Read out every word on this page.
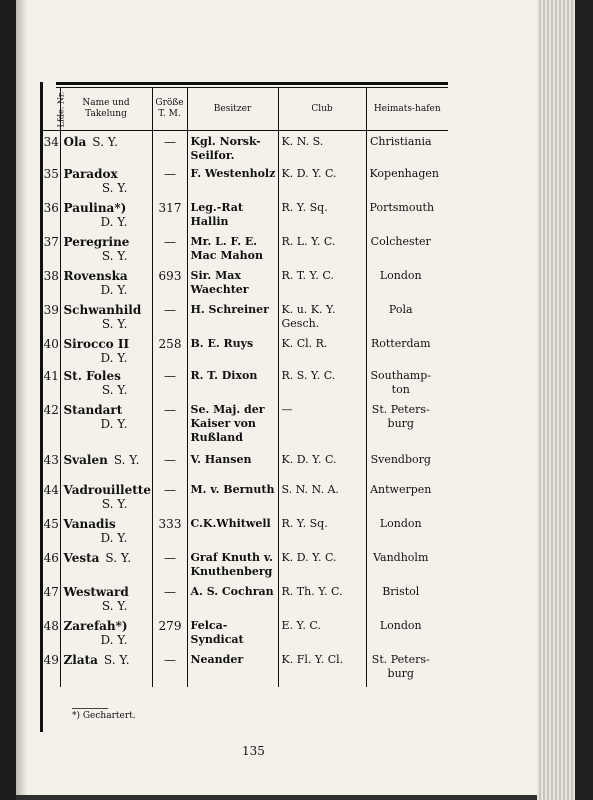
Lfde. Nr.	Name und Takelung	Größe T. M.	Besitzer	Club	Heimats-hafen
34	Ola S. Y.	—	Kgl. Norsk-Seilfor.	K. N. S.	Christiania

35	Paradox
S. Y.	—	F. Westenholz	K. D. Y. C.	Kopenhagen

36	Paulina*)
D. Y.	317	Leg.-Rat Hallin	R. Y. Sq.	Portsmouth

37	Peregrine
S. Y.	—	Mr. L. F. E. Mac Mahon	R. L. Y. C.	Colchester

38	Rovenska
D. Y.	693	Sir. Max Waechter	R. T. Y. C.	London

39	Schwanhild
S. Y.	—	H. Schreiner	K. u. K. Y. Gesch.	Pola

40	Sirocco II
D. Y.	258	B. E. Ruys	K. Cl. R.	Rotterdam

41	St. Foles
S. Y.	—	R. T. Dixon	R. S. Y. C.	Southamp-ton

42	Standart
D. Y.	—	Se. Maj. der Kaiser von Rußland	—	St. Peters-burg

43	Svalen S. Y.	—	V. Hansen	K. D. Y. C.	Svendborg

44	Vadrouillette
S. Y.	—	M. v. Bernuth	S. N. N. A.	Antwerpen

45	Vanadis
D. Y.	333	C.K.Whitwell	R. Y. Sq.	London

46	Vesta S. Y.	—	Graf Knuth v. Knuthenberg	K. D. Y. C.	Vandholm

47	Westward
S. Y.	—	A. S. Cochran	R. Th. Y. C.	Bristol

48	Zarefah*)
D. Y.	279	Felca-Syndicat	E. Y. C.	London

49	Zlata S. Y.	—	Neander	K. Fl. Y. Cl.	St. Peters-burg
*) Gechartert.
135
